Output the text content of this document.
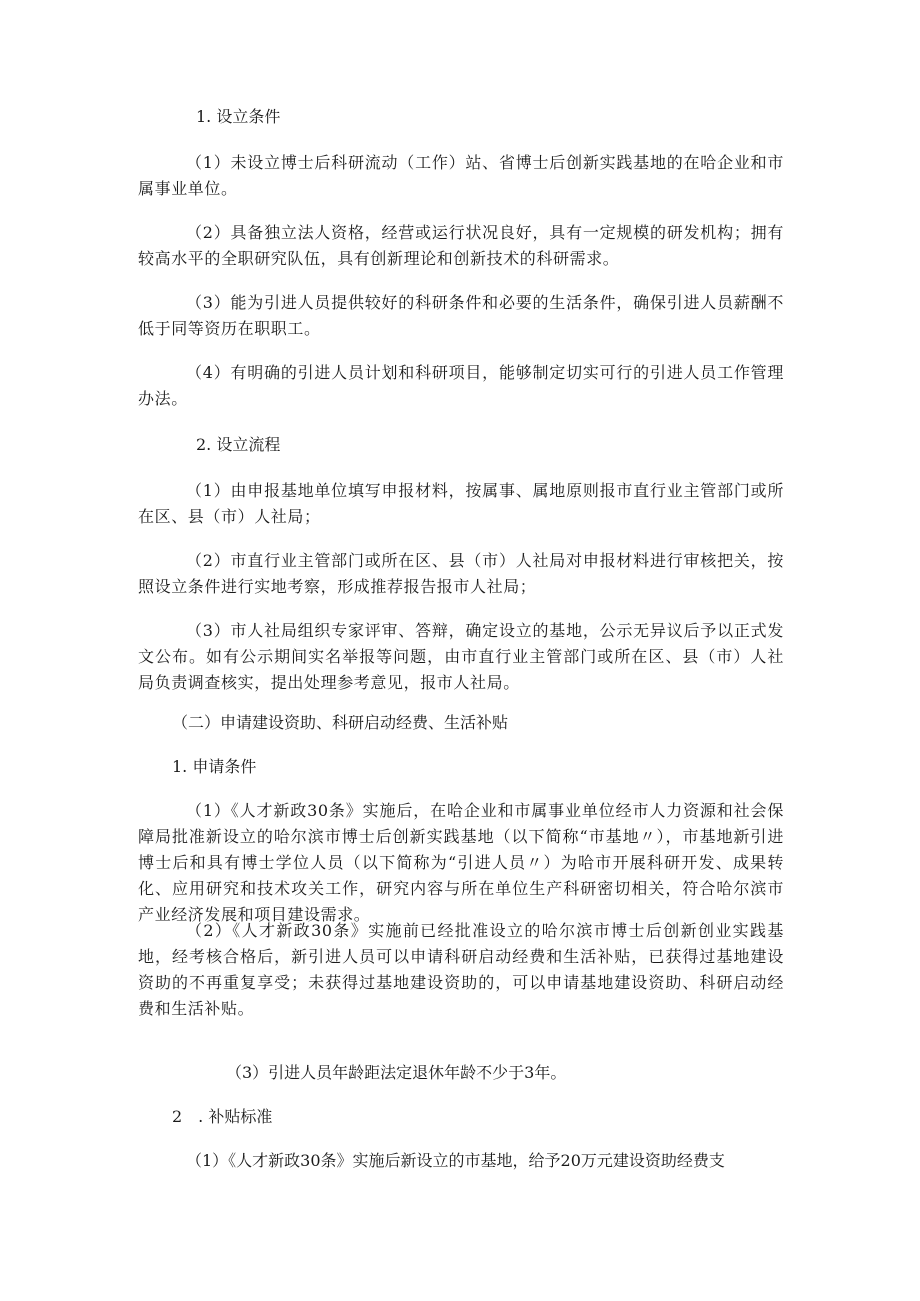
1. 设立条件
（1）未设立博士后科研流动（工作）站、省博士后创新实践基地的在哈企业和市属事业单位。
（2）具备独立法人资格，经营或运行状况良好，具有一定规模的研发机构；拥有较高水平的全职研究队伍，具有创新理论和创新技术的科研需求。
（3）能为引进人员提供较好的科研条件和必要的生活条件，确保引进人员薪酬不低于同等资历在职职工。
（4）有明确的引进人员计划和科研项目，能够制定切实可行的引进人员工作管理办法。
2. 设立流程
（1）由申报基地单位填写申报材料，按属事、属地原则报市直行业主管部门或所在区、县（市）人社局；
（2）市直行业主管部门或所在区、县（市）人社局对申报材料进行审核把关，按照设立条件进行实地考察，形成推荐报告报市人社局；
（3）市人社局组织专家评审、答辩，确定设立的基地，公示无异议后予以正式发文公布。如有公示期间实名举报等问题，由市直行业主管部门或所在区、县（市）人社局负责调查核实，提出处理参考意见，报市人社局。
（二）申请建设资助、科研启动经费、生活补贴
1. 申请条件
（1）《人才新政30条》实施后，在哈企业和市属事业单位经市人力资源和社会保障局批准新设立的哈尔滨市博士后创新实践基地（以下简称“市基地〃），市基地新引进博士后和具有博士学位人员（以下简称为“引进人员〃）为哈市开展科研开发、成果转化、应用研究和技术攻关工作，研究内容与所在单位生产科研密切相关，符合哈尔滨市产业经济发展和项目建设需求。
（2）《人才新政30条》实施前已经批准设立的哈尔滨市博士后创新创业实践基地，经考核合格后，新引进人员可以申请科研启动经费和生活补贴，已获得过基地建设资助的不再重复享受；未获得过基地建设资助的，可以申请基地建设资助、科研启动经费和生活补贴。
（3）引进人员年龄距法定退休年龄不少于3年。
2　. 补贴标准
（1）《人才新政30条》实施后新设立的市基地，给予20万元建设资助经费支
